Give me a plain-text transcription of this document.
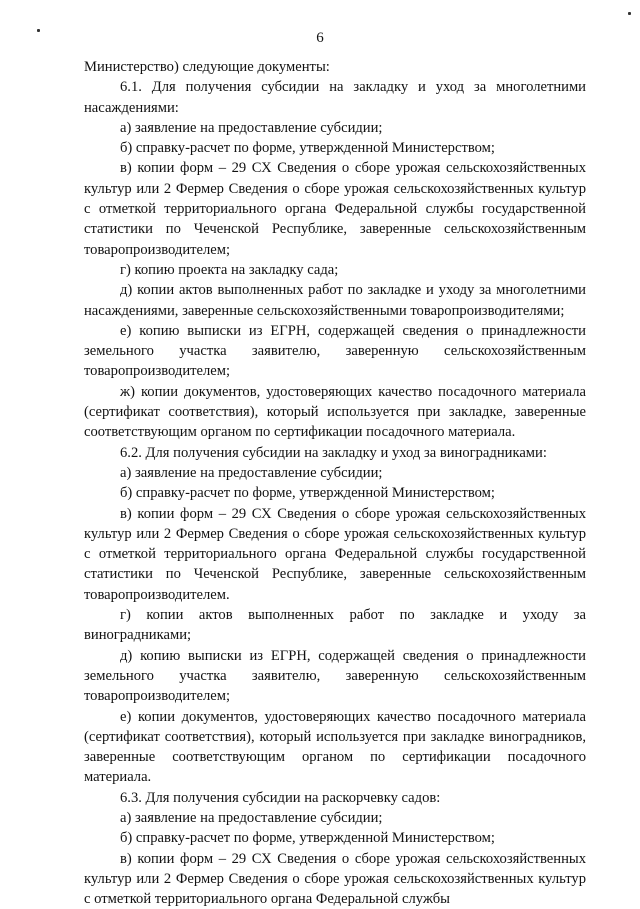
6

Министерство) следующие документы:

6.1. Для получения субсидии на закладку и уход за многолетними насаждениями:

а) заявление на предоставление субсидии;

б) справку-расчет по форме, утвержденной Министерством;

в) копии форм – 29 СХ Сведения о сборе урожая сельскохозяйственных культур или 2 Фермер Сведения о сборе урожая сельскохозяйственных культур с отметкой территориального органа Федеральной службы государственной статистики по Чеченской Республике, заверенные сельскохозяйственным товаропроизводителем;

г) копию проекта на закладку сада;

д) копии актов выполненных работ по закладке и уходу за многолетними насаждениями, заверенные сельскохозяйственными товаропроизводителями;

е) копию выписки из ЕГРН, содержащей сведения о принадлежности земельного участка заявителю, заверенную сельскохозяйственным товаропроизводителем;

ж) копии документов, удостоверяющих качество посадочного материала (сертификат соответствия), который используется при закладке, заверенные соответствующим органом по сертификации посадочного материала.

6.2. Для получения субсидии на закладку и уход за виноградниками:

а) заявление на предоставление субсидии;

б) справку-расчет по форме, утвержденной Министерством;

в) копии форм – 29 СХ Сведения о сборе урожая сельскохозяйственных культур или 2 Фермер Сведения о сборе урожая сельскохозяйственных культур с отметкой территориального органа Федеральной службы государственной статистики по Чеченской Республике, заверенные сельскохозяйственным товаропроизводителем.

г) копии актов выполненных работ по закладке и уходу за виноградниками;

д) копию выписки из ЕГРН, содержащей сведения о принадлежности земельного участка заявителю, заверенную сельскохозяйственным товаропроизводителем;

е) копии документов, удостоверяющих качество посадочного материала (сертификат соответствия), который используется при закладке виноградников, заверенные соответствующим органом по сертификации посадочного материала.

6.3. Для получения субсидии на раскорчевку садов:

а) заявление на предоставление субсидии;

б) справку-расчет по форме, утвержденной Министерством;

в) копии форм – 29 СХ Сведения о сборе урожая сельскохозяйственных культур или 2 Фермер Сведения о сборе урожая сельскохозяйственных культур с отметкой территориального органа Федеральной службы
